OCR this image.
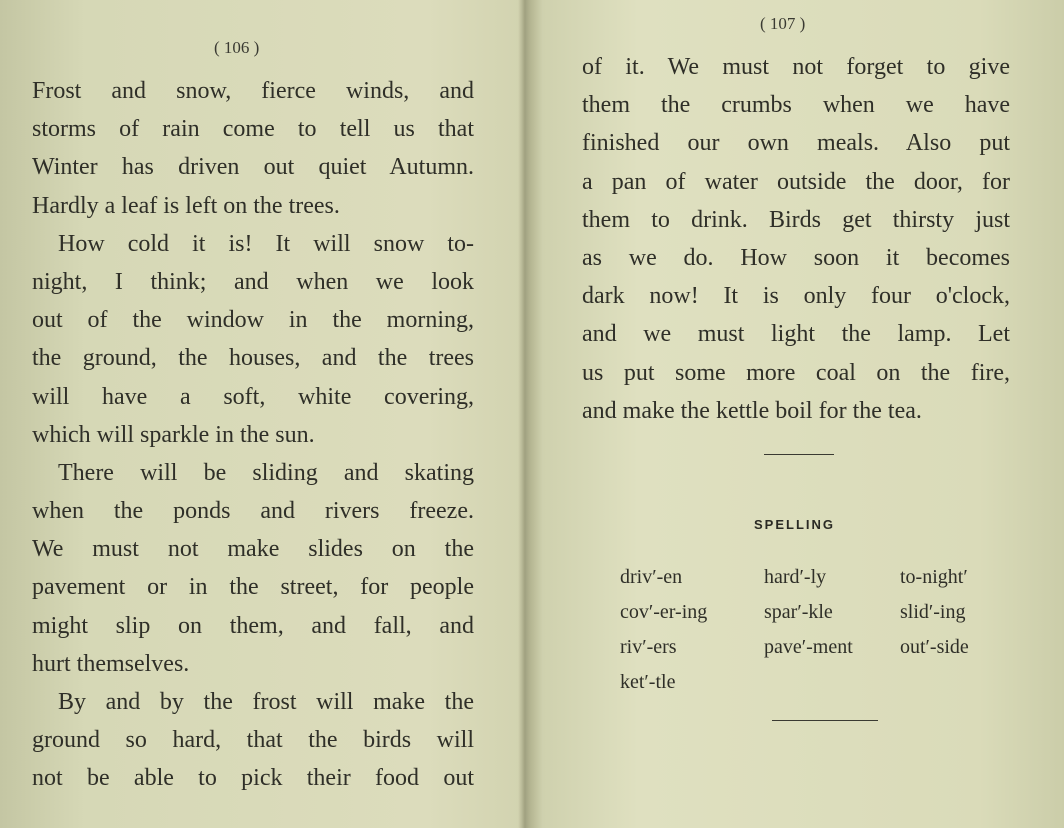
( 106 )
Frost and snow, fierce winds, and
storms of rain come to tell us that
Winter has driven out quiet Autumn.
Hardly a leaf is left on the trees.
How cold it is! It will snow to-
night, I think; and when we look
out of the window in the morning,
the ground, the houses, and the trees
will have a soft, white covering,
which will sparkle in the sun.
There will be sliding and skating
when the ponds and rivers freeze.
We must not make slides on the
pavement or in the street, for people
might slip on them, and fall, and
hurt themselves.
By and by the frost will make the
ground so hard, that the birds will
not be able to pick their food out
( 107 )
of it. We must not forget to give
them the crumbs when we have
finished our own meals. Also put
a pan of water outside the door, for
them to drink. Birds get thirsty just
as we do. How soon it becomes
dark now! It is only four o'clock,
and we must light the lamp. Let
us put some more coal on the fire,
and make the kettle boil for the tea.
SPELLING
driv′-en
cov′-er-ing
riv′-ers
ket′-tle
hard′-ly
spar′-kle
pave′-ment
to-night′
slid′-ing
out′-side
